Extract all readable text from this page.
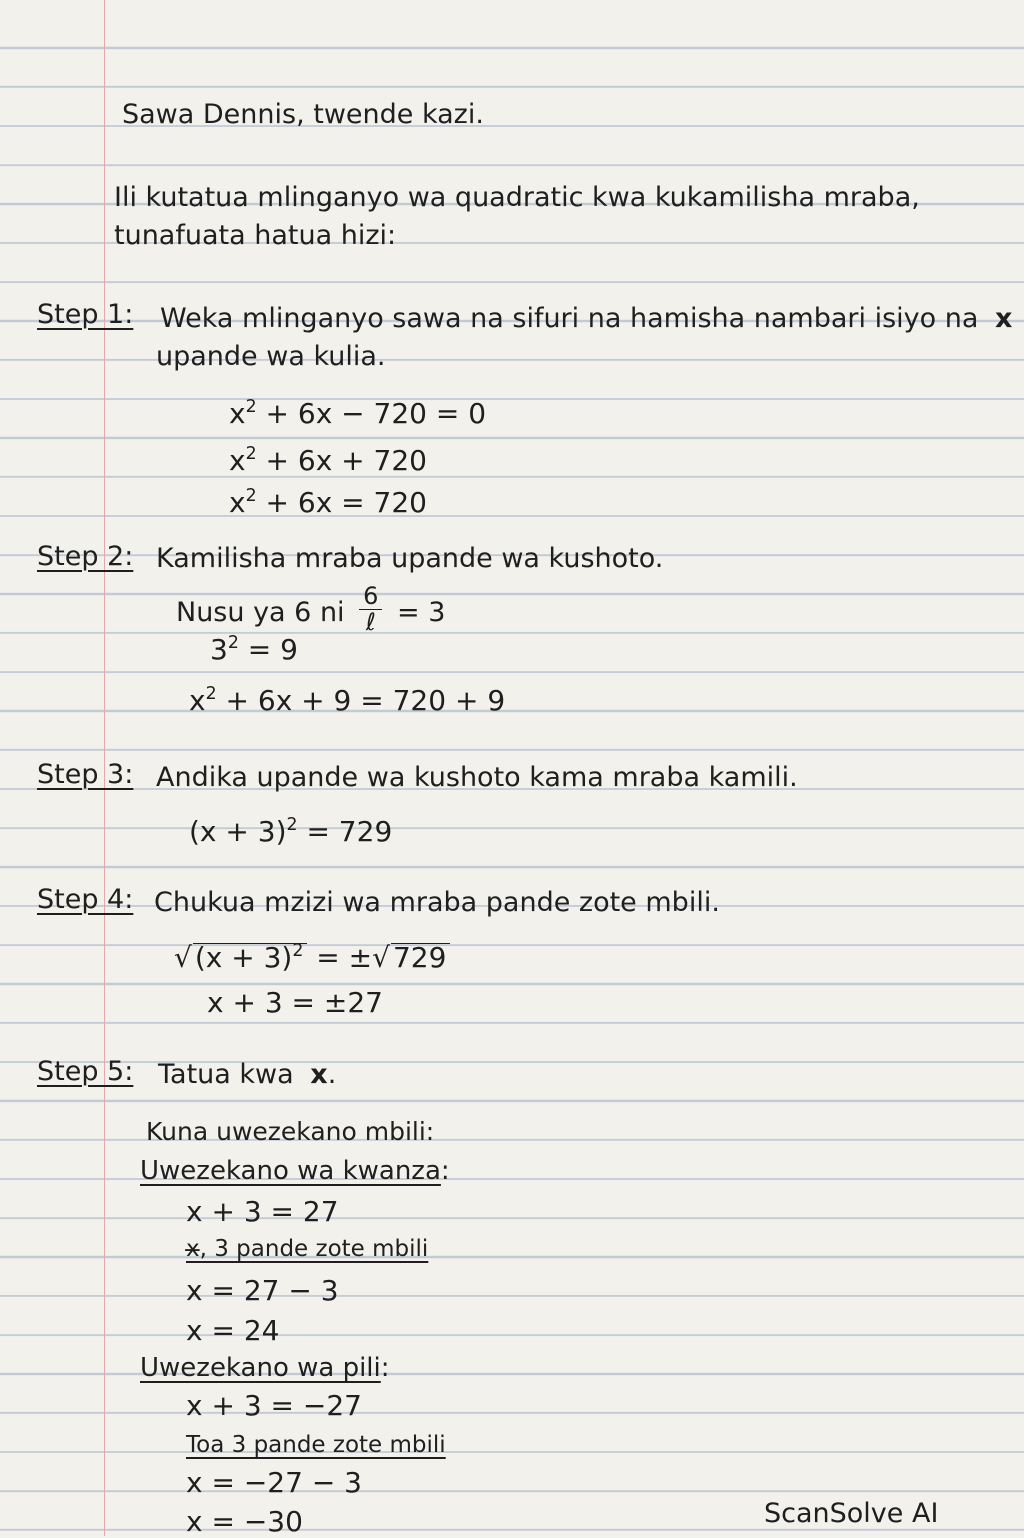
Sawa Dennis, twende kazi.
Ili kutatua mlinganyo wa quadratic kwa kukamilisha mraba,
tunafuata hatua hizi:
Step 1: Weka mlinganyo sawa na sifuri na hamisha nambari isiyo na x
upande wa kulia.
$x^2 + 6x - 720 = 0$
$x^2 + 6x + 720$
$x^2 + 6x = 720$
Step 2: Kamilisha mraba upande wa kushoto.
Nusu ya 6 ni $\frac{6}{\text{ℓ}} = 3$
$3^2 = 9$
$x^2 + 6x + 9 = 720 + 9$
Step 3: Andika upande wa kushoto kama mraba kamili.
$(x + 3)^2 = 729$
Step 4: Chukua mzizi wa mraba pande zote mbili.
√ $(x + 3)^2$ = ±√ 729
x + 3 = ±27
Step 5: Tatua kwa x.
Kuna uwezekano mbili:
Uwezekano wa kwanza:
x + 3 = 27
x̶, 3 pande zote mbili
x = 27 − 3
x = 24
Uwezekano wa pili:
x + 3 = −27
Toa 3 pande zote mbili
x = −27 − 3
x = −30	ScanSolve AI
